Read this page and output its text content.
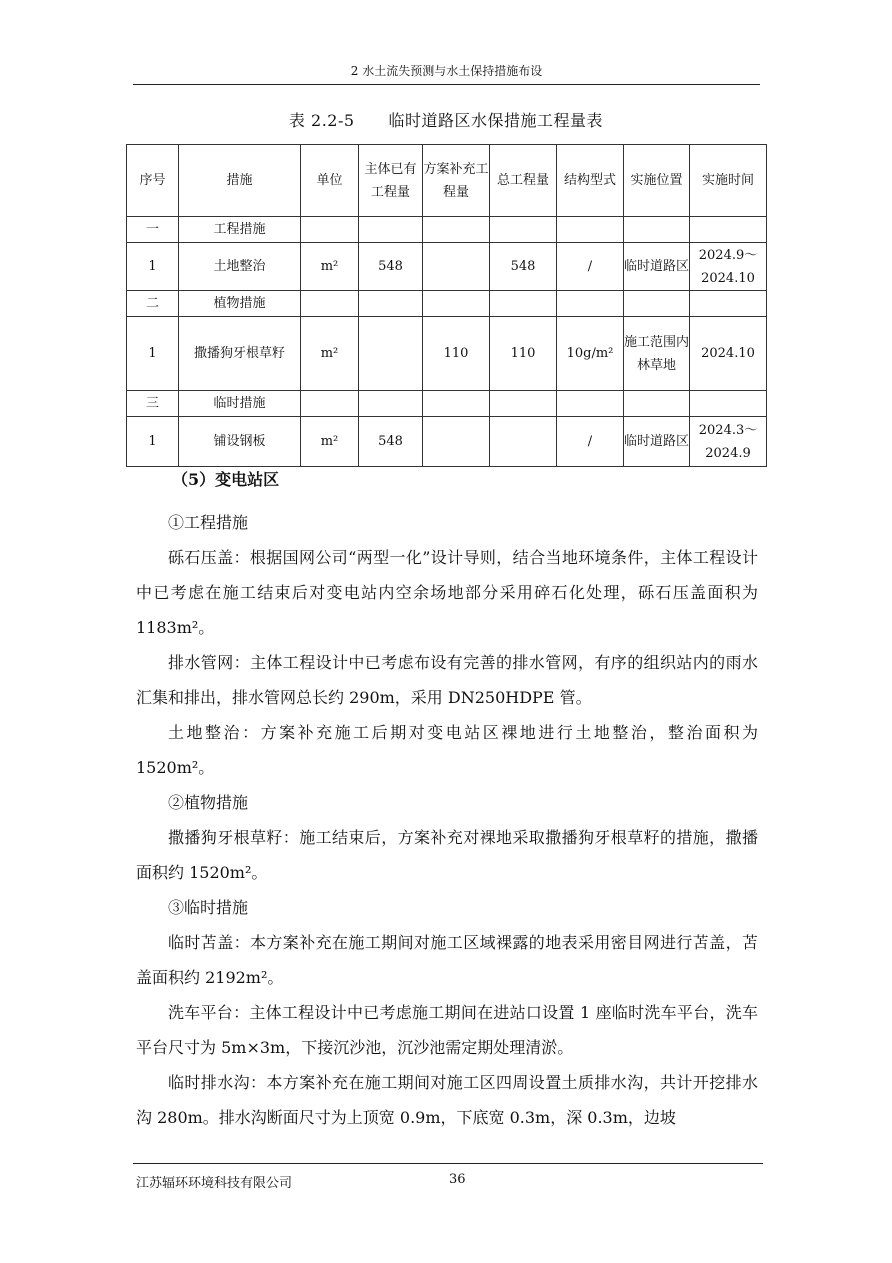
2 水土流失预测与水土保持措施布设
表 2.2-5 临时道路区水保措施工程量表
序号	措施	单位	主体已有工程量	方案补充工程量	总工程量	结构型式	实施位置	实施时间
一	工程措施							
1	土地整治	m²	548		548	/	临时道路区	2024.9～2024.10
二	植物措施							
1	撒播狗牙根草籽	m²		110	110	10g/m²	施工范围内林草地	2024.10
三	临时措施							
1	铺设钢板	m²	548			/	临时道路区	2024.3～2024.9
（5）变电站区

①工程措施

砾石压盖：根据国网公司“两型一化”设计导则，结合当地环境条件，主体工程设计中已考虑在施工结束后对变电站内空余场地部分采用碎石化处理，砾石压盖面积为 1183m²。

排水管网：主体工程设计中已考虑布设有完善的排水管网，有序的组织站内的雨水汇集和排出，排水管网总长约 290m，采用 DN250HDPE 管。

土地整治：方案补充施工后期对变电站区裸地进行土地整治，整治面积为 1520m²。

②植物措施

撒播狗牙根草籽：施工结束后，方案补充对裸地采取撒播狗牙根草籽的措施，撒播面积约 1520m²。

③临时措施

临时苫盖：本方案补充在施工期间对施工区域裸露的地表采用密目网进行苫盖，苫盖面积约 2192m²。

洗车平台：主体工程设计中已考虑施工期间在进站口设置 1 座临时洗车平台，洗车平台尺寸为 5m×3m，下接沉沙池，沉沙池需定期处理清淤。

临时排水沟：本方案补充在施工期间对施工区四周设置土质排水沟，共计开挖排水沟 280m。排水沟断面尺寸为上顶宽 0.9m，下底宽 0.3m，深 0.3m，边坡

江苏辐环环境科技有限公司	36
